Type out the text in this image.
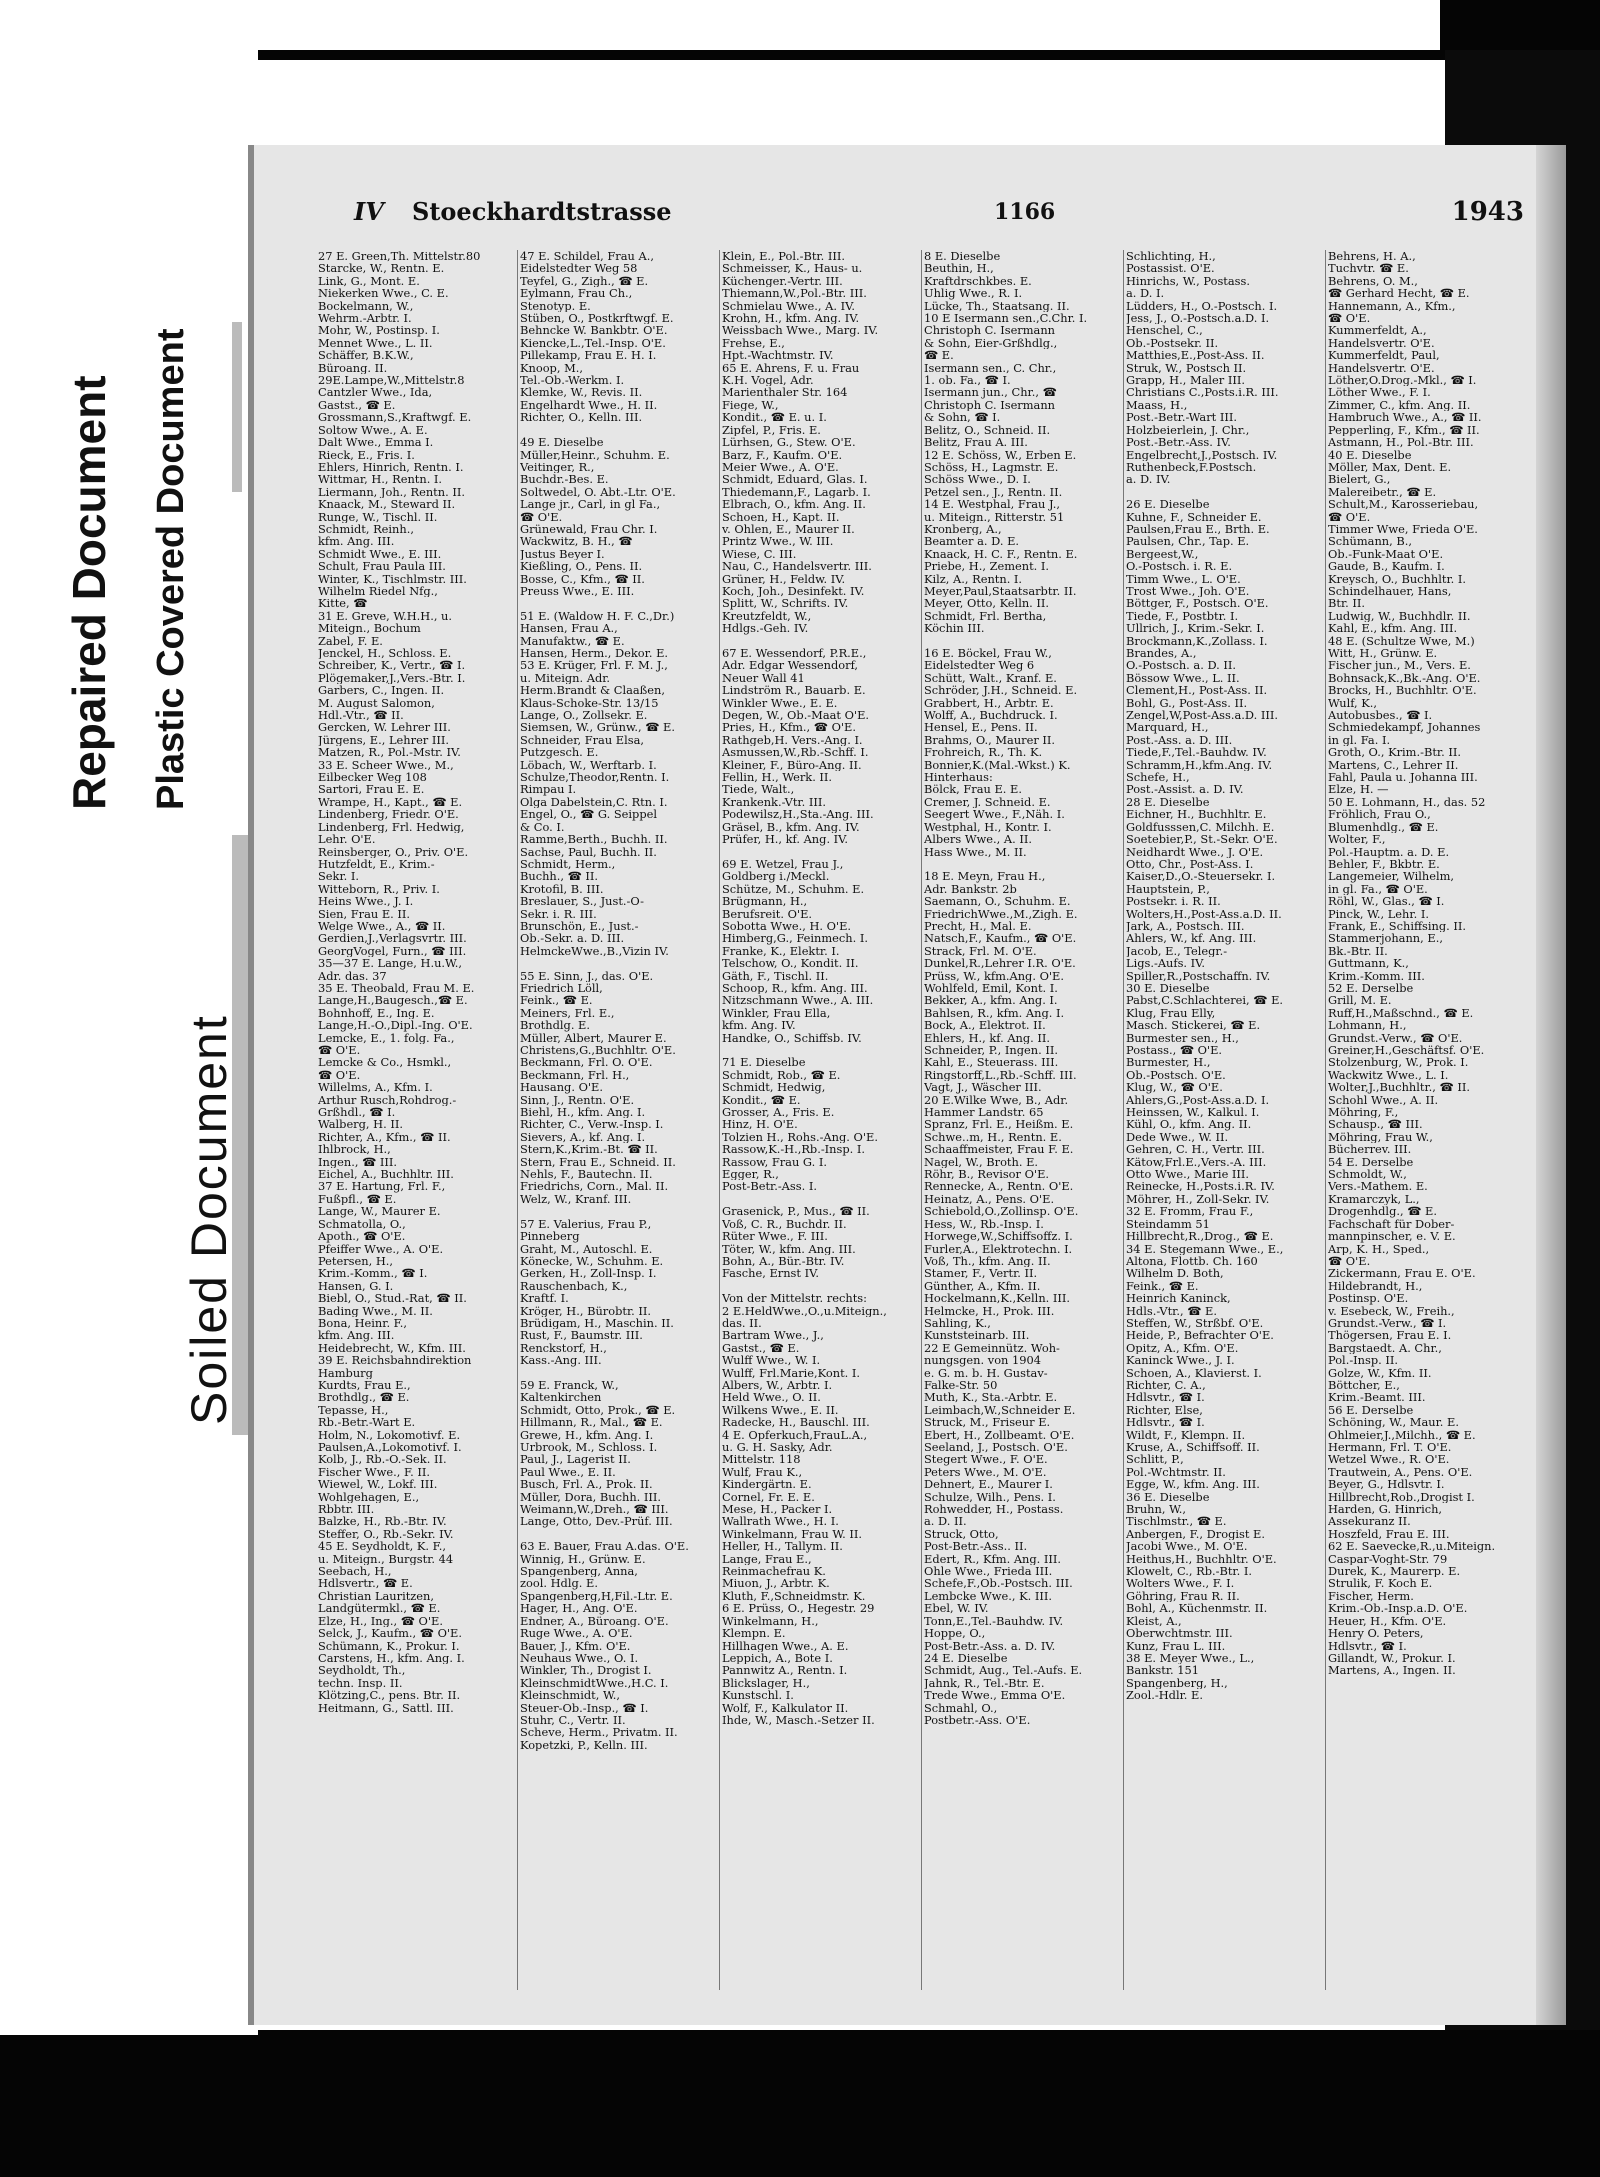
Repaired Document Plastic Covered Document
Soiled Document
IV Stoeckhardtstrasse	1166	1943
27 E. Green,Th. Mittelstr.80
Starcke, W., Rentn. E.
Link, G., Mont. E.
Niekerken Wwe., C. E.
Bockelmann, W.,
Wehrm.-Arbtr. I.
Mohr, W., Postinsp. I.
Mennet Wwe., L. II.
Schäffer, B.K.W.,
Büroang. II.
29E.Lampe,W.,Mittelstr.8
Cantzler Wwe., Ida,
Gastst., ☎ E.
Grossmann,S.,Kraftwgf. E.
Soltow Wwe., A. E.
Dalt Wwe., Emma I.
Rieck, E., Fris. I.
Ehlers, Hinrich, Rentn. I.
Wittmar, H., Rentn. I.
Liermann, Joh., Rentn. II.
Knaack, M., Steward II.
Runge, W., Tischl. II.
Schmidt, Reinh.,
kfm. Ang. III.
Schmidt Wwe., E. III.
Schult, Frau Paula III.
Winter, K., Tischlmstr. III.
Wilhelm Riedel Nfg.,
Kitte, ☎
31 E. Greve, W.H.H., u.
Miteign., Bochum
Zabel, F. E.
Jenckel, H., Schloss. E.
Schreiber, K., Vertr., ☎ I.
Plögemaker,J.,Vers.-Btr. I.
Garbers, C., Ingen. II.
M. August Salomon,
Hdl.-Vtr., ☎ II.
Gercken, W. Lehrer III.
Jürgens, E., Lehrer III.
Matzen, R., Pol.-Mstr. IV.
33 E. Scheer Wwe., M.,
Eilbecker Weg 108
Sartori, Frau E. E.
Wrampe, H., Kapt., ☎ E.
Lindenberg, Friedr. O'E.
Lindenberg, Frl. Hedwig,
Lehr. O'E.
Reinsberger, O., Priv. O'E.
Hutzfeldt, E., Krim.-
Sekr. I.
Witteborn, R., Priv. I.
Heins Wwe., J. I.
Sien, Frau E. II.
Welge Wwe., A., ☎ II.
Gerdien,J.,Verlagsvrtr. III.
GeorgVogel, Furn., ☎ III.
35—37 E. Lange, H.u.W.,
Adr. das. 37
35 E. Theobald, Frau M. E.
Lange,H.,Baugesch.,☎ E.
Bohnhoff, E., Ing. E.
Lange,H.-O.,Dipl.-Ing. O'E.
Lemcke, E., 1. folg. Fa.,
☎ O'E.
Lemcke & Co., Hsmkl.,
☎ O'E.
Willelms, A., Kfm. I.
Arthur Rusch,Rohdrog.-
Grßhdl., ☎ I.
Walberg, H. II.
Richter, A., Kfm., ☎ II.
Ihlbrock, H.,
Ingen., ☎ III.
Eichel, A., Buchhltr. III.
37 E. Hartung, Frl. F.,
Fußpfl., ☎ E.
Lange, W., Maurer E.
Schmatolla, O.,
Apoth., ☎ O'E.
Pfeiffer Wwe., A. O'E.
Petersen, H.,
Krim.-Komm., ☎ I.
Hansen, G. I.
Biebl, O., Stud.-Rat, ☎ II.
Bading Wwe., M. II.
Bona, Heinr. F.,
kfm. Ang. III.
Heidebrecht, W., Kfm. III.
39 E. Reichsbahndirektion
Hamburg
Kurdts, Frau E.,
Brothdlg., ☎ E.
Tepasse, H.,
Rb.-Betr.-Wart E.
Holm, N., Lokomotivf. E.
Paulsen,A.,Lokomotivf. I.
Kolb, J., Rb.-O.-Sek. II.
Fischer Wwe., F. II.
Wiewel, W., Lokf. III.
Wohlgehagen, E.,
Rbbtr. III.
Balzke, H., Rb.-Btr. IV.
Steffer, O., Rb.-Sekr. IV.
45 E. Seydholdt, K. F.,
u. Miteign., Burgstr. 44
Seebach, H.,
Hdlsvertr., ☎ E.
Christian Lauritzen,
Landgütermkl., ☎ E.
Elze, H., Ing., ☎ O'E.
Selck, J., Kaufm., ☎ O'E.
Schümann, K., Prokur. I.
Carstens, H., kfm. Ang. I.
Seydholdt, Th.,
techn. Insp. II.
Klötzing,C., pens. Btr. II.
Heitmann, G., Sattl. III.
47 E. Schildel, Frau A.,
Eidelstedter Weg 58
Teyfel, G., Zigh., ☎ E.
Eylmann, Frau Ch.,
Stenotyp. E.
Stüben, O., Postkrftwgf. E.
Behncke W. Bankbtr. O'E.
Kiencke,L.,Tel.-Insp. O'E.
Pillekamp, Frau E. H. I.
Knoop, M.,
Tel.-Ob.-Werkm. I.
Klemke, W., Revis. II.
Engelhardt Wwe., H. II.
Richter, O., Kelln. III.

49 E. Dieselbe
Müller,Heinr., Schuhm. E.
Veitinger, R.,
Buchdr.-Bes. E.
Soltwedel, O. Abt.-Ltr. O'E.
Lange jr., Carl, in gl Fa.,
☎ O'E.
Grünewald, Frau Chr. I.
Wackwitz, B. H., ☎
Justus Beyer I.
Kießling, O., Pens. II.
Bosse, C., Kfm., ☎ II.
Preuss Wwe., E. III.

51 E. (Waldow H. F. C.,Dr.)
Hansen, Frau A.,
Manufaktw., ☎ E.
Hansen, Herm., Dekor. E.
53 E. Krüger, Frl. F. M. J.,
u. Miteign. Adr.
Herm.Brandt & Claaßen,
Klaus-Schoke-Str. 13/15
Lange, O., Zollsekr. E.
Siemsen, W., Grünw., ☎ E.
Schneider, Frau Elsa,
Putzgesch. E.
Löbach, W., Werftarb. I.
Schulze,Theodor,Rentn. I.
Rimpau I.
Olga Dabelstein,C. Rtn. I.
Engel, O., ☎ G. Seippel
& Co. I.
Ramme,Berth., Buchh. II.
Sachse, Paul, Buchh. II.
Schmidt, Herm.,
Buchh., ☎ II.
Krotofil, B. III.
Breslauer, S., Just.-O-
Sekr. i. R. III.
Brunschön, E., Just.-
Ob.-Sekr. a. D. III.
HelmckeWwe.,B.,Vizin IV.

55 E. Sinn, J., das. O'E.
Friedrich Löll,
Feink., ☎ E.
Meiners, Frl. E.,
Brothdlg. E.
Müller, Albert, Maurer E.
Christens,G.,Buchhltr. O'E.
Beckmann, Frl. O. O'E.
Beckmann, Frl. H.,
Hausang. O'E.
Sinn, J., Rentn. O'E.
Biehl, H., kfm. Ang. I.
Richter, C., Verw.-Insp. I.
Sievers, A., kf. Ang. I.
Stern,K.,Krim.-Bt. ☎ II.
Stern, Frau E., Schneid. II.
Nehls, F., Bautechn. II.
Friedrichs, Corn., Mal. II.
Welz, W., Kranf. III.

57 E. Valerius, Frau P.,
Pinneberg
Graht, M., Autoschl. E.
Könecke, W., Schuhm. E.
Gerken, H., Zoll-Insp. I.
Rauschenbach, K.,
Kraftf. I.
Kröger, H., Bürobtr. II.
Brüdigam, H., Maschin. II.
Rust, F., Baumstr. III.
Renckstorf, H.,
Kass.-Ang. III.

59 E. Franck, W.,
Kaltenkirchen
Schmidt, Otto, Prok., ☎ E.
Hillmann, R., Mal., ☎ E.
Grewe, H., kfm. Ang. I.
Urbrook, M., Schloss. I.
Paul, J., Lagerist II.
Paul Wwe., E. II.
Busch, Frl. A., Prok. II.
Müller, Dora, Buchh. III.
Weimann,W.,Dreh., ☎ III.
Lange, Otto, Dev.-Prüf. III.

63 E. Bauer, Frau A.das. O'E.
Winnig, H., Grünw. E.
Spangenberg, Anna,
zool. Hdlg. E.
Spangenberg,H,Fil.-Ltr. E.
Hager, H., Ang. O'E.
Endner, A., Büroang. O'E.
Ruge Wwe., A. O'E.
Bauer, J., Kfm. O'E.
Neuhaus Wwe., O. I.
Winkler, Th., Drogist I.
KleinschmidtWwe.,H.C. I.
Kleinschmidt, W.,
Steuer-Ob.-Insp., ☎ I.
Stuhr, C., Vertr. II.
Scheve, Herm., Privatm. II.
Kopetzki, P., Kelln. III.
Klein, E., Pol.-Btr. III.
Schmeisser, K., Haus- u.
Küchenger.-Vertr. III.
Thiemann,W.,Pol.-Btr. III.
Schmielau Wwe., A. IV.
Krohn, H., kfm. Ang. IV.
Weissbach Wwe., Marg. IV.
Frehse, E.,
Hpt.-Wachtmstr. IV.
65 E. Ahrens, F. u. Frau
K.H. Vogel, Adr.
Marienthaler Str. 164
Fiege, W.,
Kondit., ☎ E. u. I.
Zipfel, P., Fris. E.
Lürhsen, G., Stew. O'E.
Barz, F., Kaufm. O'E.
Meier Wwe., A. O'E.
Schmidt, Eduard, Glas. I.
Thiedemann,F., Lagarb. I.
Elbrach, O., kfm. Ang. II.
Schoen, H., Kapt. II.
v. Ohlen, E., Maurer II.
Printz Wwe., W. III.
Wiese, C. III.
Nau, C., Handelsvertr. III.
Grüner, H., Feldw. IV.
Koch, Joh., Desinfekt. IV.
Splitt, W., Schrifts. IV.
Kreutzfeldt, W.,
Hdlgs.-Geh. IV.

67 E. Wessendorf, P.R.E.,
Adr. Edgar Wessendorf,
Neuer Wall 41
Lindström R., Bauarb. E.
Winkler Wwe., E. E.
Degen, W., Ob.-Maat O'E.
Pries, H., Kfm., ☎ O'E.
Rathgeb,H. Vers.-Ang. I.
Asmussen,W.,Rb.-Schff. I.
Kleiner, F., Büro-Ang. II.
Fellin, H., Werk. II.
Tiede, Walt.,
Krankenk.-Vtr. III.
Podewilsz,H.,Sta.-Ang. III.
Gräsel, B., kfm. Ang. IV.
Prüfer, H., kf. Ang. IV.

69 E. Wetzel, Frau J.,
Goldberg i./Meckl.
Schütze, M., Schuhm. E.
Brügmann, H.,
Berufsreit. O'E.
Sobotta Wwe., H. O'E.
Himberg,G., Feinmech. I.
Franke, K., Elektr. I.
Telschow, O., Kondit. II.
Gäth, F., Tischl. II.
Schoop, R., kfm. Ang. III.
Nitzschmann Wwe., A. III.
Winkler, Frau Ella,
kfm. Ang. IV.
Handke, O., Schiffsb. IV.

71 E. Dieselbe
Schmidt, Rob., ☎ E.
Schmidt, Hedwig,
Kondit., ☎ E.
Grosser, A., Fris. E.
Hinz, H. O'E.
Tolzien H., Rohs.-Ang. O'E.
Rassow,K.-H.,Rb.-Insp. I.
Rassow, Frau G. I.
Egger, R.,
Post-Betr.-Ass. I.

Grasenick, P., Mus., ☎ II.
Voß, C. R., Buchdr. II.
Rüter Wwe., F. III.
Töter, W., kfm. Ang. III.
Bohn, A., Bür.-Btr. IV.
Fasche, Ernst IV.

Von der Mittelstr. rechts:
2 E.HeldWwe.,O.,u.Miteign.,
das. II.
Bartram Wwe., J.,
Gastst., ☎ E.
Wulff Wwe., W. I.
Wulff, Frl.Marie,Kont. I.
Albers, W., Arbtr. I.
Held Wwe., O. II.
Wilkens Wwe., E. II.
Radecke, H., Bauschl. III.
4 E. Opferkuch,FrauL.A.,
u. G. H. Sasky, Adr.
Mittelstr. 118
Wulf, Frau K.,
Kindergärtn. E.
Cornel, Fr. E. E.
Mese, H., Packer I.
Wallrath Wwe., H. I.
Winkelmann, Frau W. II.
Heller, H., Tallym. II.
Lange, Frau E.,
Reinmachefrau K.
Miuon, J., Arbtr. K.
Kluth, F.,Schneidmstr. K.
6 E. Prüss, O., Hegestr. 29
Winkelmann, H.,
Klempn. E.
Hillhagen Wwe., A. E.
Leppich, A., Bote I.
Pannwitz A., Rentn. I.
Blickslager, H.,
Kunstschl. I.
Wolf, F., Kalkulator II.
Ihde, W., Masch.-Setzer II.
8 E. Dieselbe
Beuthin, H.,
Kraftdrschkbes. E.
Uhlig Wwe., R. I.
Lücke, Th., Staatsang. II.
10 E Isermann sen.,C.Chr. I.
Christoph C. Isermann
& Sohn, Eier-Grßhdlg.,
☎ E.
Isermann sen., C. Chr.,
1. ob. Fa., ☎ I.
Isermann jun., Chr., ☎
Christoph C. Isermann
& Sohn, ☎ I.
Belitz, O., Schneid. II.
Belitz, Frau A. III.
12 E. Schöss, W., Erben E.
Schöss, H., Lagmstr. E.
Schöss Wwe., D. I.
Petzel sen., J., Rentn. II.
14 E. Westphal, Frau J.,
u. Miteign., Ritterstr. 51
Kronberg, A.,
Beamter a. D. E.
Knaack, H. C. F., Rentn. E.
Priebe, H., Zement. I.
Kilz, A., Rentn. I.
Meyer,Paul,Staatsarbtr. II.
Meyer, Otto, Kelln. II.
Schmidt, Frl. Bertha,
Köchin III.

16 E. Böckel, Frau W.,
Eidelstedter Weg 6
Schütt, Walt., Kranf. E.
Schröder, J.H., Schneid. E.
Grabbert, H., Arbtr. E.
Wolff, A., Buchdruck. I.
Hensel, E., Pens. II.
Brahms, O., Maurer II.
Frohreich, R., Th. K.
Bonnier,K.(Mal.-Wkst.) K.
Hinterhaus:
Bölck, Frau E. E.
Cremer, J. Schneid. E.
Seegert Wwe., F.,Näh. I.
Westphal, H., Kontr. I.
Albers Wwe., A. II.
Hass Wwe., M. II.

18 E. Meyn, Frau H.,
Adr. Bankstr. 2b
Saemann, O., Schuhm. E.
FriedrichWwe.,M.,Zigh. E.
Precht, H., Mal. E.
Natsch,F., Kaufm., ☎ O'E.
Strack, Frl. M. O'E.
Dunkel,R.,Lehrer I.R. O'E.
Prüss, W., kfm.Ang. O'E.
Wohlfeld, Emil, Kont. I.
Bekker, A., kfm. Ang. I.
Bahlsen, R., kfm. Ang. I.
Bock, A., Elektrot. II.
Ehlers, H., kf. Ang. II.
Schneider, P., Ingen. II.
Kahl, E., Steuerass. III.
Ringstorff,L.,Rb.-Schff. III.
Vagt, J., Wäscher III.
20 E.Wilke Wwe, B., Adr.
Hammer Landstr. 65
Spranz, Frl. E., Heißm. E.
Schwe..m, H., Rentn. E.
Schaaffmeister, Frau F. E.
Nagel, W., Broth. E.
Röhr, B., Revisor O'E.
Rennecke, A., Rentn. O'E.
Heinatz, A., Pens. O'E.
Schiebold,O.,Zollinsp. O'E.
Hess, W., Rb.-Insp. I.
Horwege,W.,Schiffsoffz. I.
Furler,A., Elektrotechn. I.
Voß, Th., kfm. Ang. II.
Stamer, F., Vertr. II.
Günther, A., Kfm. II.
Hockelmann,K.,Kelln. III.
Helmcke, H., Prok. III.
Sahling, K.,
Kunststeinarb. III.
22 E Gemeinnütz. Woh-
nungsgen. von 1904
e. G. m. b. H. Gustav-
Falke-Str. 50
Muth, K., Sta.-Arbtr. E.
Leimbach,W.,Schneider E.
Struck, M., Friseur E.
Ebert, H., Zollbeamt. O'E.
Seeland, J., Postsch. O'E.
Stegert Wwe., F. O'E.
Peters Wwe., M. O'E.
Dehnert, E., Maurer I.
Schulze, Wilh., Pens. I.
Rohwedder, H., Postass.
a. D. II.
Struck, Otto,
Post-Betr.-Ass.. II.
Edert, R., Kfm. Ang. III.
Ohle Wwe., Frieda III.
Schefe,F.,Ob.-Postsch. III.
Lembcke Wwe., K. III.
Ebel, W. IV.
Tonn,E.,Tel.-Bauhdw. IV.
Hoppe, O.,
Post-Betr.-Ass. a. D. IV.
24 E. Dieselbe
Schmidt, Aug., Tel.-Aufs. E.
Jahnk, R., Tel.-Btr. E.
Trede Wwe., Emma O'E.
Schmahl, O.,
Postbetr.-Ass. O'E.
Schlichting, H.,
Postassist. O'E.
Hinrichs, W., Postass.
a. D. I.
Lüdders, H., O.-Postsch. I.
Jess, J., O.-Postsch.a.D. I.
Henschel, C.,
Ob.-Postsekr. II.
Matthies,E.,Post-Ass. II.
Struk, W., Postsch II.
Grapp, H., Maler III.
Christians C.,Posts.i.R. III.
Maass, H.,
Post.-Betr.-Wart III.
Holzbeierlein, J. Chr.,
Post.-Betr.-Ass. IV.
Engelbrecht,J.,Postsch. IV.
Ruthenbeck,F.Postsch.
a. D. IV.

26 E. Dieselbe
Kuhne, F., Schneider E.
Paulsen,Frau E., Brth. E.
Paulsen, Chr., Tap. E.
Bergeest,W.,
O.-Postsch. i. R. E.
Timm Wwe., L. O'E.
Trost Wwe., Joh. O'E.
Böttger, F., Postsch. O'E.
Tiede, F., Postbtr. I.
Ullrich, J., Krim.-Sekr. I.
Brockmann,K.,Zollass. I.
Brandes, A.,
O.-Postsch. a. D. II.
Bössow Wwe., L. II.
Clement,H., Post-Ass. II.
Bohl, G., Post-Ass. II.
Zengel,W,Post-Ass.a.D. III.
Marquard, H.,
Post.-Ass. a. D. III.
Tiede,F.,Tel.-Bauhdw. IV.
Schramm,H.,kfm.Ang. IV.
Schefe, H.,
Post.-Assist. a. D. IV.
28 E. Dieselbe
Eichner, H., Buchhltr. E.
Goldfusssen,C. Milchh. E.
Soetebier,P., St.-Sekr. O'E.
Neidhardt Wwe., J. O'E.
Otto, Chr., Post-Ass. I.
Kaiser,D.,O.-Steuersekr. I.
Hauptstein, P.,
Postsekr. i. R. II.
Wolters,H.,Post-Ass.a.D. II.
Jark, A., Postsch. III.
Ahlers, W., kf. Ang. III.
Jacob, E., Telegr.-
Ligs.-Aufs. IV.
Spiller,R.,Postschaffn. IV.
30 E. Dieselbe
Pabst,C.Schlachterei, ☎ E.
Klug, Frau Elly,
Masch. Stickerei, ☎ E.
Burmester sen., H.,
Postass., ☎ O'E.
Burmester, H.,
Ob.-Postsch. O'E.
Klug, W., ☎ O'E.
Ahlers,G.,Post-Ass.a.D. I.
Heinssen, W., Kalkul. I.
Kühl, O., kfm. Ang. II.
Dede Wwe., W. II.
Gehren, C. H., Vertr. III.
Kätow,Frl.E.,Vers.-A. III.
Otto Wwe., Marie III.
Reinecke, H.,Posts.i.R. IV.
Möhrer, H., Zoll-Sekr. IV.
32 E. Fromm, Frau F.,
Steindamm 51
Hillbrecht,R.,Drog., ☎ E.
34 E. Stegemann Wwe., E.,
Altona, Flottb. Ch. 160
Wilhelm D. Both,
Feink., ☎ E.
Heinrich Kaninck,
Hdls.-Vtr., ☎ E.
Steffen, W., Strßbf. O'E.
Heide, P., Befrachter O'E.
Opitz, A., Kfm. O'E.
Kaninck Wwe., J. I.
Schoen, A., Klavierst. I.
Richter, C. A.,
Hdlsvtr., ☎ I.
Richter, Else,
Hdlsvtr., ☎ I.
Wildt, F., Klempn. II.
Kruse, A., Schiffsoff. II.
Schlitt, P.,
Pol.-Wchtmstr. II.
Egge, W., kfm. Ang. III.
36 E. Dieselbe
Bruhn, W.,
Tischlmstr., ☎ E.
Anbergen, F., Drogist E.
Jacobi Wwe., M. O'E.
Heithus,H., Buchhltr. O'E.
Klowelt, C., Rb.-Btr. I.
Wolters Wwe., F. I.
Göhring, Frau R. II.
Bohl, A., Küchenmstr. II.
Kleist, A.,
Oberwchtmstr. III.
Kunz, Frau L. III.
38 E. Meyer Wwe., L.,
Bankstr. 151
Spangenberg, H.,
Zool.-Hdlr. E.
Behrens, H. A.,
Tuchvtr. ☎ E.
Behrens, O. M.,
☎ Gerhard Hecht, ☎ E.
Hannemann, A., Kfm.,
☎ O'E.
Kummerfeldt, A.,
Handelsvertr. O'E.
Kummerfeldt, Paul,
Handelsvertr. O'E.
Löther,O.Drog.-Mkl., ☎ I.
Löther Wwe., F. I.
Zimmer, C., kfm. Ang. II.
Hambruch Wwe., A., ☎ II.
Pepperling, F., Kfm., ☎ II.
Astmann, H., Pol.-Btr. III.
40 E. Dieselbe
Möller, Max, Dent. E.
Bielert, G.,
Malereibetr., ☎ E.
Schult,M., Karosseriebau,
☎ O'E.
Timmer Wwe, Frieda O'E.
Schümann, B.,
Ob.-Funk-Maat O'E.
Gaude, B., Kaufm. I.
Kreysch, O., Buchhltr. I.
Schindelhauer, Hans,
Btr. II.
Ludwig, W., Buchhdlr. II.
Kahl, E., kfm. Ang. III.
48 E. (Schultze Wwe, M.)
Witt, H., Grünw. E.
Fischer jun., M., Vers. E.
Bohnsack,K.,Bk.-Ang. O'E.
Brocks, H., Buchhltr. O'E.
Wulf, K.,
Autobusbes., ☎ I.
Schmiedekampf, Johannes
in gl. Fa. I.
Groth, O., Krim.-Btr. II.
Martens, C., Lehrer II.
Fahl, Paula u. Johanna III.
Elze, H. —
50 E. Lohmann, H., das. 52
Fröhlich, Frau O.,
Blumenhdlg., ☎ E.
Wolter, F.,
Pol.-Hauptm. a. D. E.
Behler, F., Bkbtr. E.
Langemeier, Wilhelm,
in gl. Fa., ☎ O'E.
Röhl, W., Glas., ☎ I.
Pinck, W., Lehr. I.
Frank, E., Schiffsing. II.
Stammerjohann, E.,
Bk.-Btr. II.
Guttmann, K.,
Krim.-Komm. III.
52 E. Derselbe
Grill, M. E.
Ruff,H.,Maßschnd., ☎ E.
Lohmann, H.,
Grundst.-Verw., ☎ O'E.
Greiner,H.,Geschäftsf. O'E.
Stolzenburg, W., Prok. I.
Wackwitz Wwe., L. I.
Wolter,J.,Buchhltr., ☎ II.
Schohl Wwe., A. II.
Möhring, F.,
Schausp., ☎ III.
Möhring, Frau W.,
Bücherrev. III.
54 E. Derselbe
Schmoldt, W.,
Vers.-Mathem. E.
Kramarczyk, L.,
Drogenhdlg., ☎ E.
Fachschaft für Dober-
mannpinscher, e. V. E.
Arp, K. H., Sped.,
☎ O'E.
Zickermann, Frau E. O'E.
Hildebrandt, H.,
Postinsp. O'E.
v. Esebeck, W., Freih.,
Grundst.-Verw., ☎ I.
Thögersen, Frau E. I.
Bargstaedt. A. Chr.,
Pol.-Insp. II.
Golze, W., Kfm. II.
Böttcher, E.,
Krim.-Beamt. III.
56 E. Derselbe
Schöning, W., Maur. E.
Ohlmeier,J.,Milchh., ☎ E.
Hermann, Frl. T. O'E.
Wetzel Wwe., R. O'E.
Trautwein, A., Pens. O'E.
Beyer, G., Hdlsvtr. I.
Hillbrecht,Rob.,Drogist I.
Harden, G. Hinrich,
Assekuranz II.
Hoszfeld, Frau E. III.
62 E. Saevecke,R.,u.Miteign.
Caspar-Voght-Str. 79
Durek, K., Maurerp. E.
Strulik, F. Koch E.
Fischer, Herm.
Krim.-Ob.-Insp.a.D. O'E.
Heuer, H., Kfm. O'E.
Henry O. Peters,
Hdlsvtr., ☎ I.
Gillandt, W., Prokur. I.
Martens, A., Ingen. II.
